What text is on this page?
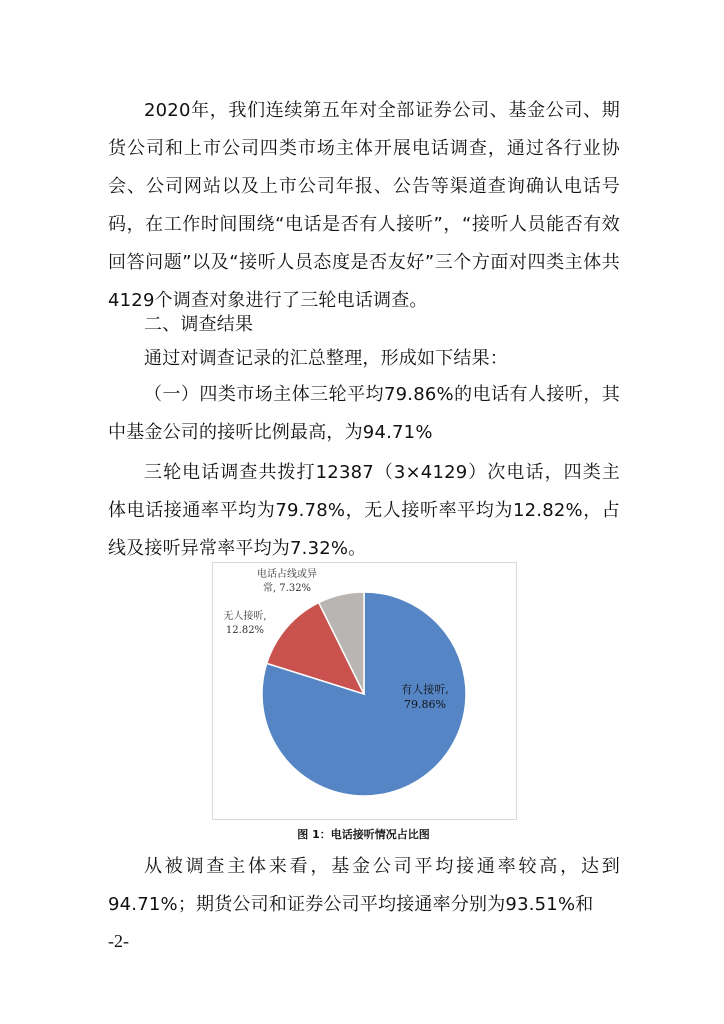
2020年，我们连续第五年对全部证券公司、基金公司、期货公司和上市公司四类市场主体开展电话调查，通过各行业协会、公司网站以及上市公司年报、公告等渠道查询确认电话号码，在工作时间围绕“电话是否有人接听”，“接听人员能否有效回答问题”以及“接听人员态度是否友好”三个方面对四类主体共4129个调查对象进行了三轮电话调查。

二、调查结果

通过对调查记录的汇总整理，形成如下结果：

（一）四类市场主体三轮平均79.86%的电话有人接听，其中基金公司的接听比例最高，为94.71%

三轮电话调查共拨打12387（3×4129）次电话，四类主体电话接通率平均为79.78%，无人接听率平均为12.82%，占线及接听异常率平均为7.32%。

有人接听,
79.86%
无人接听,
12.82%
电话占线或异
常, 7.32%
图 1：电话接听情况占比图

从被调查主体来看，基金公司平均接通率较高，达到94.71%；期货公司和证券公司平均接通率分别为93.51%和

-2-
